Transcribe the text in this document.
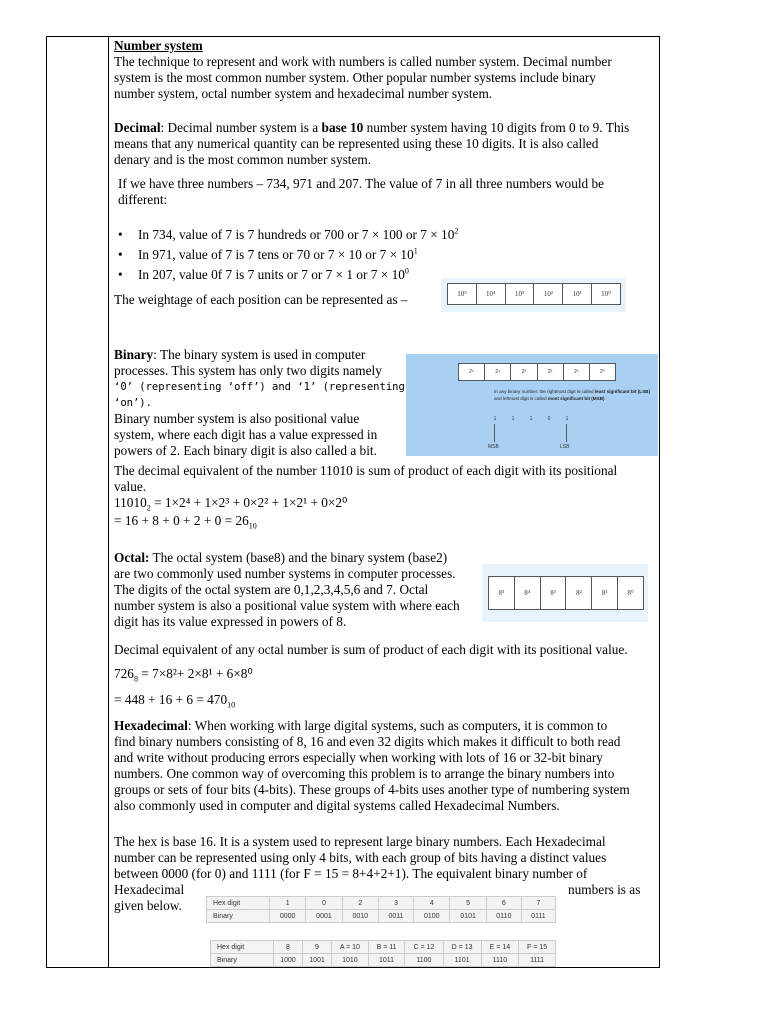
Number system

The technique to represent and work with numbers is called number system. Decimal number

system is the most common number system. Other popular number systems include binary

number system, octal number system and hexadecimal number system.

Decimal: Decimal number system is a base 10 number system having 10 digits from 0 to 9. This

means that any numerical quantity can be represented using these 10 digits. It is also called

denary and is the most common number system.

If we have three numbers – 734, 971 and 207. The value of 7 in all three numbers would be

different:

• In 734, value of 7 is 7 hundreds or 700 or 7 × 100 or $7 \times 10^2$
• In 971, value of 7 is 7 tens or 70 or 7 × 10 or $7 \times 10^1$
• In 207, value 0f 7 is 7 units or 7 or 7 × 1 or $7 \times 10^0$

The weightage of each position can be represented as –	10⁵	10⁴	10³	10²	10¹	10⁰

Binary: The binary system is used in computer

processes. This system has only two digits namely

‘0’ (representing ‘off’) and ‘1’ (representing ‘on’).

Binary number system is also positional value

system, where each digit has a value expressed in

powers of 2. Each binary digit is also called a bit.

2⁵	2⁴	2³	2²	2¹	2⁰
In any binary number, the rightmost digit is called least significant bit (LSB) and leftmost digit is called most significant bit (MSB).
1	1	1	0	1
MSB	LSB

The decimal equivalent of the number 11010 is sum of product of each digit with its positional

value.

$11010_2 = 1\times 2^4 + 1\times 2^3 + 0\times 2^2 + 1\times 2^1 + 0\times 2^0$

= $16 + 8 + 0 + 2 + 0 = 26_{10}$

Octal: The octal system (base8) and the binary system (base2)

are two commonly used number systems in computer processes.

The digits of the octal system are 0,1,2,3,4,5,6 and 7. Octal

number system is also a positional value system with where each

digit has its value expressed in powers of 8.

8⁵	8⁴	8³	8²	8¹	8⁰

Decimal equivalent of any octal number is sum of product of each digit with its positional value.

$726_8 = 7\times 8^2+ 2\times 8^1 + 6\times 8^0$

= $448 + 16 + 6 = 470_{10}$

Hexadecimal: When working with large digital systems, such as computers, it is common to

find binary numbers consisting of 8, 16 and even 32 digits which makes it difficult to both read

and write without producing errors especially when working with lots of 16 or 32-bit binary

numbers. One common way of overcoming this problem is to arrange the binary numbers into

groups or sets of four bits (4-bits). These groups of 4-bits uses another type of numbering system

also commonly used in computer and digital systems called Hexadecimal Numbers.

The hex is base 16. It is a system used to represent large binary numbers. Each Hexadecimal

number can be represented using only 4 bits, with each group of bits having a distinct values

between 0000 (for 0) and 1111 (for F = 15 = 8+4+2+1). The equivalent binary number of

Hexadecimal	numbers is as

given below.	Hex digit	1	0	2	3	4	5	6	7
Binary	0000	0001	0010	0011	0100	0101	0110	0111
Hex digit	8	9	A = 10	B = 11	C = 12	D = 13	E = 14	F = 15
Binary	1000	1001	1010	1011	1100	1101	1110	1111
